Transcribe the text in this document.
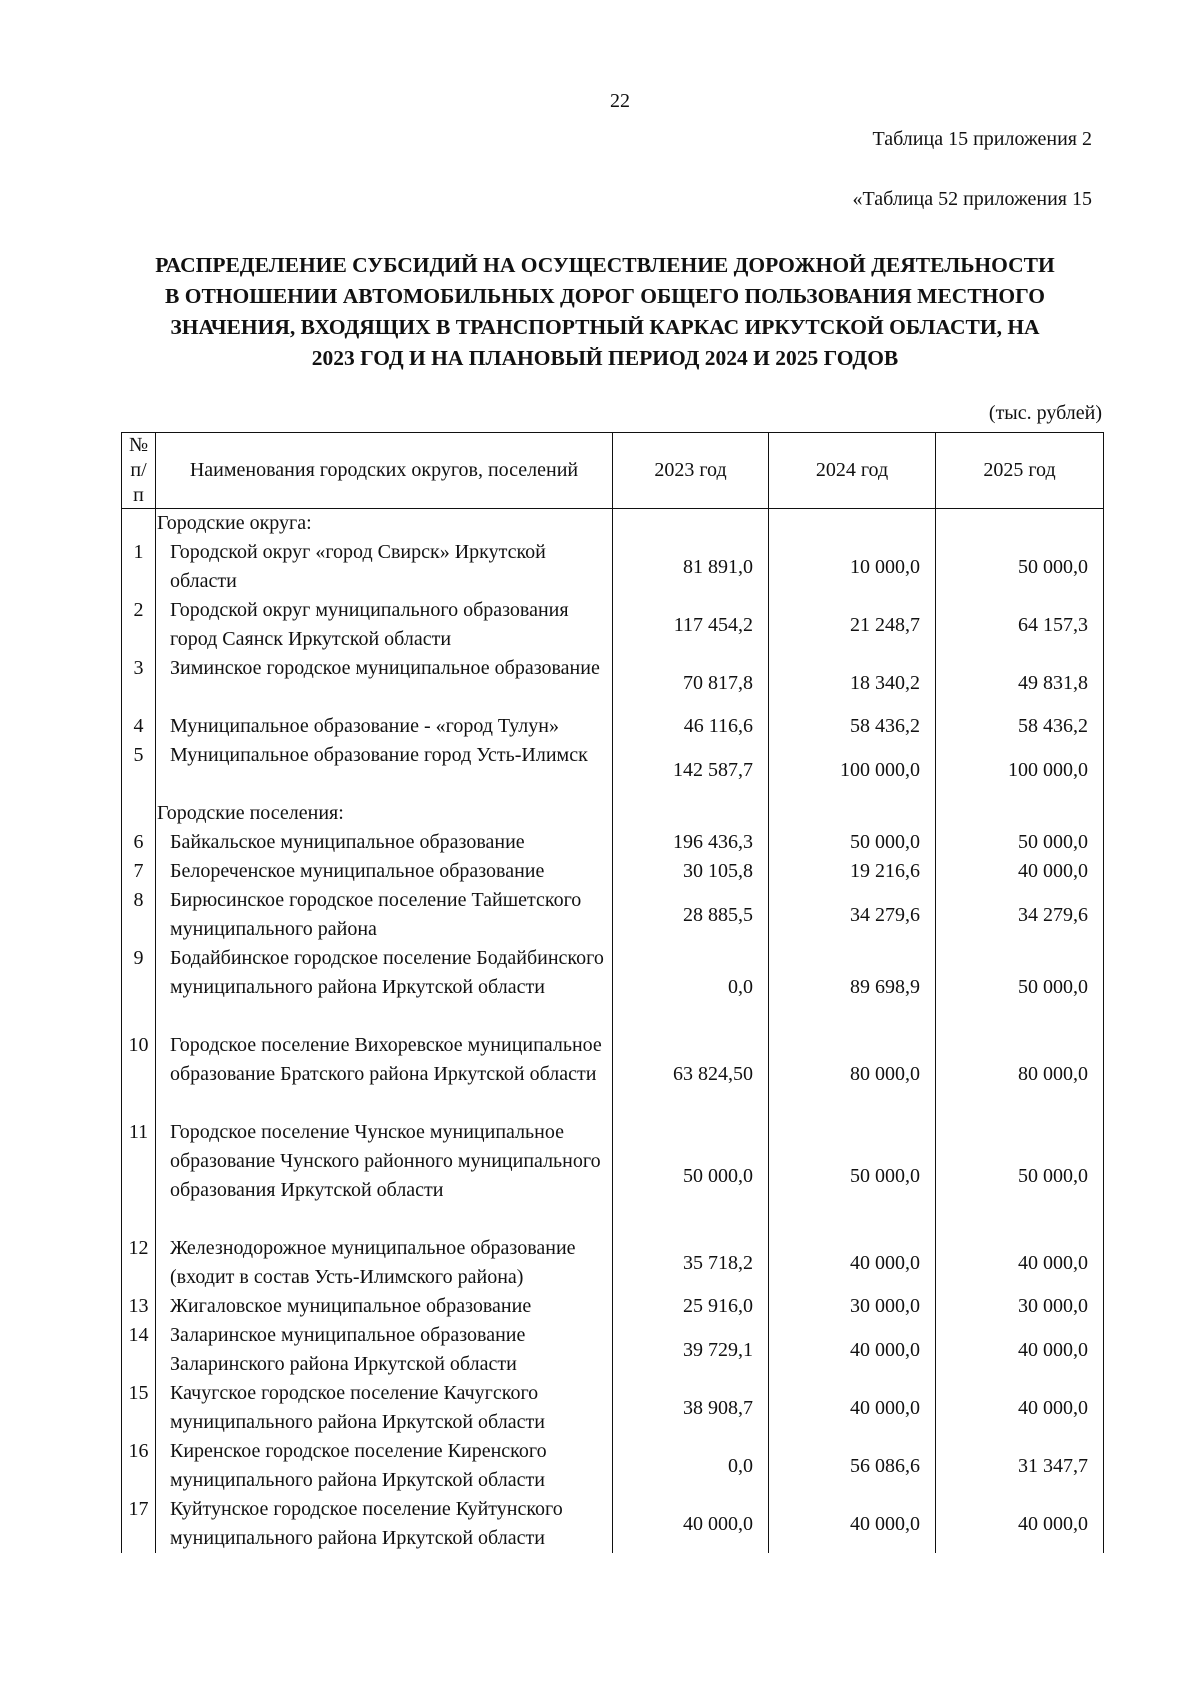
22
Таблица 15 приложения 2
«Таблица 52 приложения 15
РАСПРЕДЕЛЕНИЕ СУБСИДИЙ НА ОСУЩЕСТВЛЕНИЕ ДОРОЖНОЙ ДЕЯТЕЛЬНОСТИ
В ОТНОШЕНИИ АВТОМОБИЛЬНЫХ ДОРОГ ОБЩЕГО ПОЛЬЗОВАНИЯ МЕСТНОГО
ЗНАЧЕНИЯ, ВХОДЯЩИХ В ТРАНСПОРТНЫЙ КАРКАС ИРКУТСКОЙ ОБЛАСТИ, НА
2023 ГОД И НА ПЛАНОВЫЙ ПЕРИОД 2024 И 2025 ГОДОВ
(тыс. рублей)
№ п/п	Наименования городских округов, поселений	2023 год	2024 год	2025 год
	Городские округа:			
1	Городской округ «город Свирск» Иркутской области	81 891,0	10 000,0	50 000,0
2	Городской округ муниципального образования город Саянск Иркутской области	117 454,2	21 248,7	64 157,3
3	Зиминское городское муниципальное образование	70 817,8	18 340,2	49 831,8
4	Муниципальное образование - «город Тулун»	46 116,6	58 436,2	58 436,2
5	Муниципальное образование город Усть-Илимск	142 587,7	100 000,0	100 000,0
	Городские поселения:			
6	Байкальское муниципальное образование	196 436,3	50 000,0	50 000,0
7	Белореченское муниципальное образование	30 105,8	19 216,6	40 000,0
8	Бирюсинское городское поселение Тайшетского муниципального района	28 885,5	34 279,6	34 279,6
9	Бодайбинское городское поселение Бодайбинского муниципального района Иркутской области	0,0	89 698,9	50 000,0
10	Городское поселение Вихоревское муниципальное образование Братского района Иркутской области	63 824,50	80 000,0	80 000,0
11	Городское поселение Чунское муниципальное образование Чунского районного муниципального образования Иркутской области	50 000,0	50 000,0	50 000,0
12	Железнодорожное муниципальное образование (входит в состав Усть-Илимского района)	35 718,2	40 000,0	40 000,0
13	Жигаловское муниципальное образование	25 916,0	30 000,0	30 000,0
14	Заларинское муниципальное образование Заларинского района Иркутской области	39 729,1	40 000,0	40 000,0
15	Качугское городское поселение Качугского муниципального района Иркутской области	38 908,7	40 000,0	40 000,0
16	Киренское городское поселение Киренского муниципального района Иркутской области	0,0	56 086,6	31 347,7
17	Куйтунское городское поселение Куйтунского муниципального района Иркутской области	40 000,0	40 000,0	40 000,0
